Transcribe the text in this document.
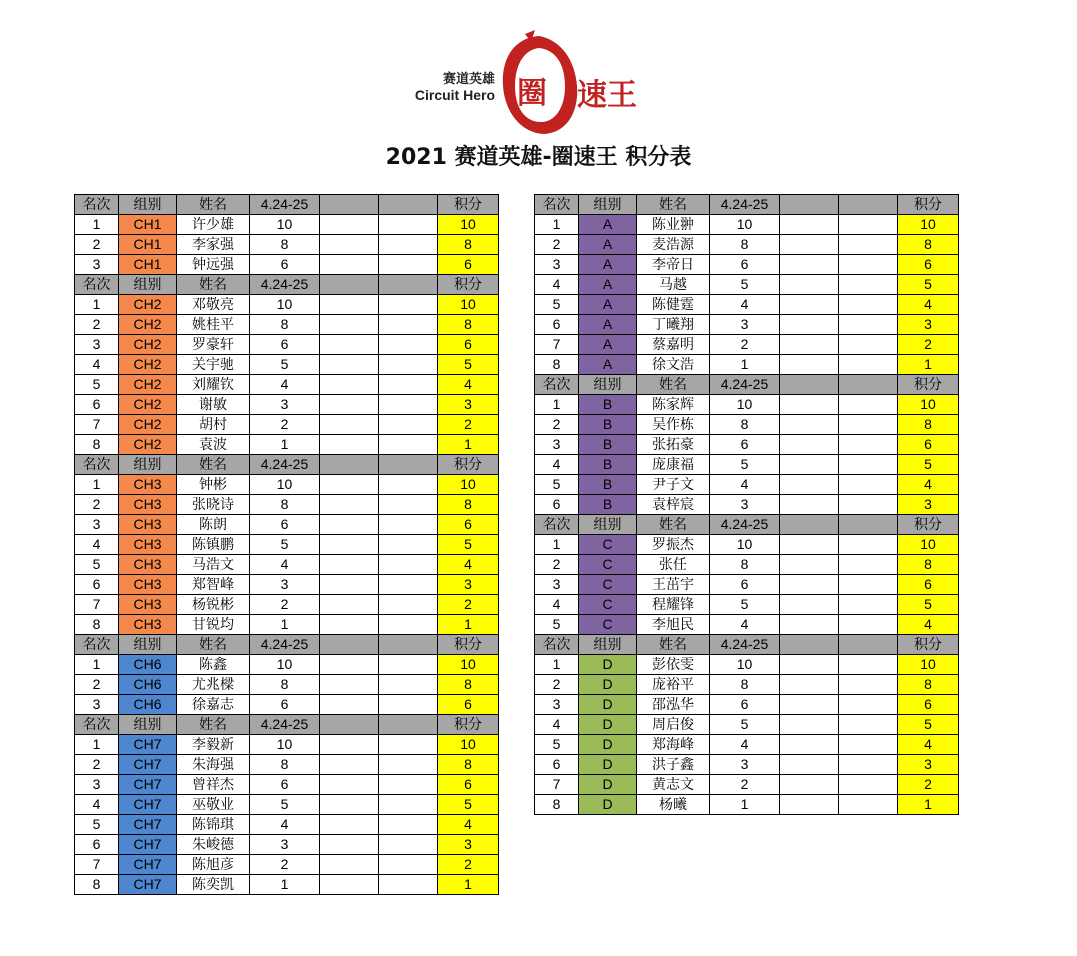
赛道英雄
Circuit Hero 圈 速王
2021 赛道英雄-圈速王 积分表
名次	组别	姓名	4.24-25			积分
1	CH1	许少雄	10			10
2	CH1	李家强	8			8
3	CH1	钟远强	6			6
名次	组别	姓名	4.24-25			积分
1	CH2	邓敬亮	10			10
2	CH2	姚桂平	8			8
3	CH2	罗豪轩	6			6
4	CH2	关宇驰	5			5
5	CH2	刘耀钦	4			4
6	CH2	谢敏	3			3
7	CH2	胡村	2			2
8	CH2	袁波	1			1
名次	组别	姓名	4.24-25			积分
1	CH3	钟彬	10			10
2	CH3	张晓诗	8			8
3	CH3	陈朗	6			6
4	CH3	陈镇鹏	5			5
5	CH3	马浩文	4			4
6	CH3	郑智峰	3			3
7	CH3	杨锐彬	2			2
8	CH3	甘锐均	1			1
名次	组别	姓名	4.24-25			积分
1	CH6	陈鑫	10			10
2	CH6	尤兆樑	8			8
3	CH6	徐嘉志	6			6
名次	组别	姓名	4.24-25			积分
1	CH7	李毅新	10			10
2	CH7	朱海强	8			8
3	CH7	曾祥杰	6			6
4	CH7	巫敬业	5			5
5	CH7	陈锦琪	4			4
6	CH7	朱峻德	3			3
7	CH7	陈旭彦	2			2
8	CH7	陈奕凯	1			1
名次	组别	姓名	4.24-25			积分
1	A	陈业翀	10			10
2	A	麦浩源	8			8
3	A	李帝日	6			6
4	A	马越	5			5
5	A	陈健霆	4			4
6	A	丁曦翔	3			3
7	A	蔡嘉明	2			2
8	A	徐文浩	1			1
名次	组别	姓名	4.24-25			积分
1	B	陈家辉	10			10
2	B	吴作栋	8			8
3	B	张拓豪	6			6
4	B	庞康福	5			5
5	B	尹子文	4			4
6	B	袁梓宸	3			3
名次	组别	姓名	4.24-25			积分
1	C	罗振杰	10			10
2	C	张任	8			8
3	C	王茁宇	6			6
4	C	程耀锋	5			5
5	C	李旭民	4			4
名次	组别	姓名	4.24-25			积分
1	D	彭依雯	10			10
2	D	庞裕平	8			8
3	D	邵泓华	6			6
4	D	周启俊	5			5
5	D	郑海峰	4			4
6	D	洪子鑫	3			3
7	D	黄志文	2			2
8	D	杨曦	1			1
